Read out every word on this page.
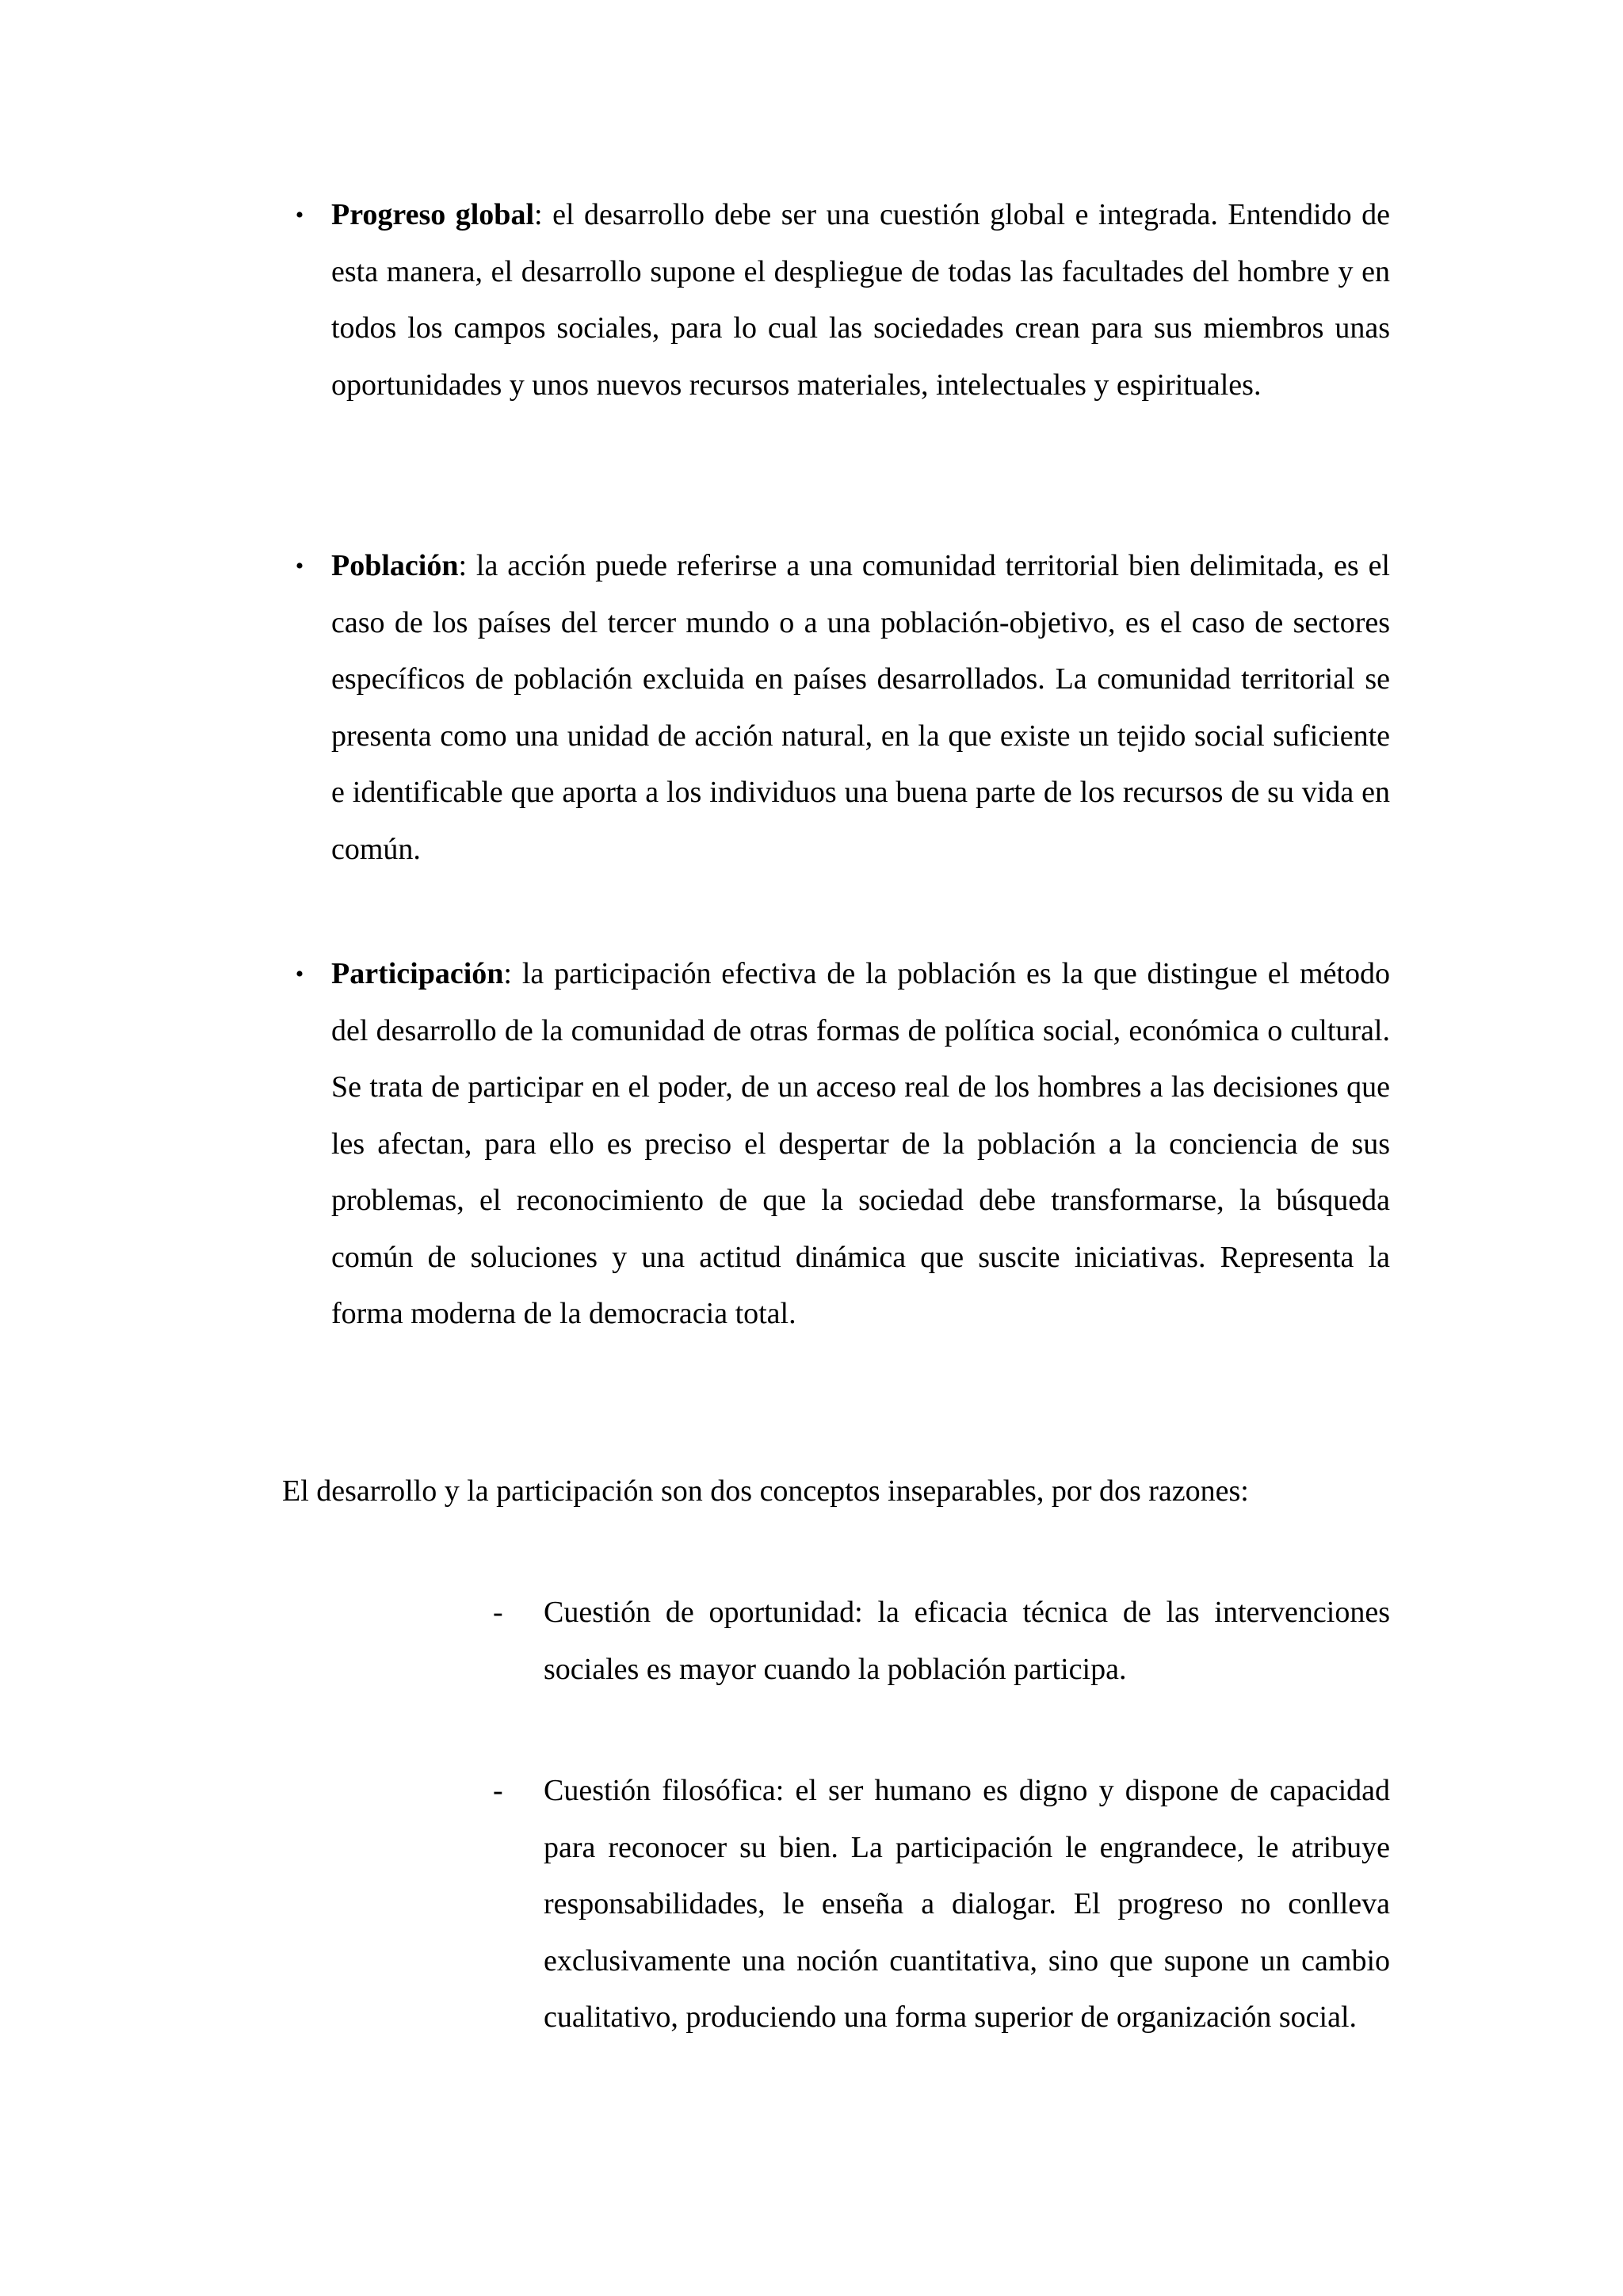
• Progreso global: el desarrollo debe ser una cuestión global e integrada. Entendido de esta manera, el desarrollo supone el despliegue de todas las facultades del hombre y en todos los campos sociales, para lo cual las sociedades crean para sus miembros unas oportunidades y unos nuevos recursos materiales, intelectuales y espirituales.
• Población: la acción puede referirse a una comunidad territorial bien delimitada, es el caso de los países del tercer mundo o a una población-objetivo, es el caso de sectores específicos de población excluida en países desarrollados. La comunidad territorial se presenta como una unidad de acción natural, en la que existe un tejido social suficiente e identificable que aporta a los individuos una buena parte de los recursos de su vida en común.
• Participación: la participación efectiva de la población es la que distingue el método del desarrollo de la comunidad de otras formas de política social, económica o cultural. Se trata de participar en el poder, de un acceso real de los hombres a las decisiones que les afectan, para ello es preciso el despertar de la población a la conciencia de sus problemas, el reconocimiento de que la sociedad debe transformarse, la búsqueda común de soluciones y una actitud dinámica que suscite iniciativas. Representa la forma moderna de la democracia total.

El desarrollo y la participación son dos conceptos inseparables, por dos razones:

-	Cuestión de oportunidad: la eficacia técnica de las intervenciones sociales es mayor cuando la población participa.
-	Cuestión filosófica: el ser humano es digno y dispone de capacidad para reconocer su bien. La participación le engrandece, le atribuye responsabilidades, le enseña a dialogar. El progreso no conlleva exclusivamente una noción cuantitativa, sino que supone un cambio cualitativo, produciendo una forma superior de organización social.
